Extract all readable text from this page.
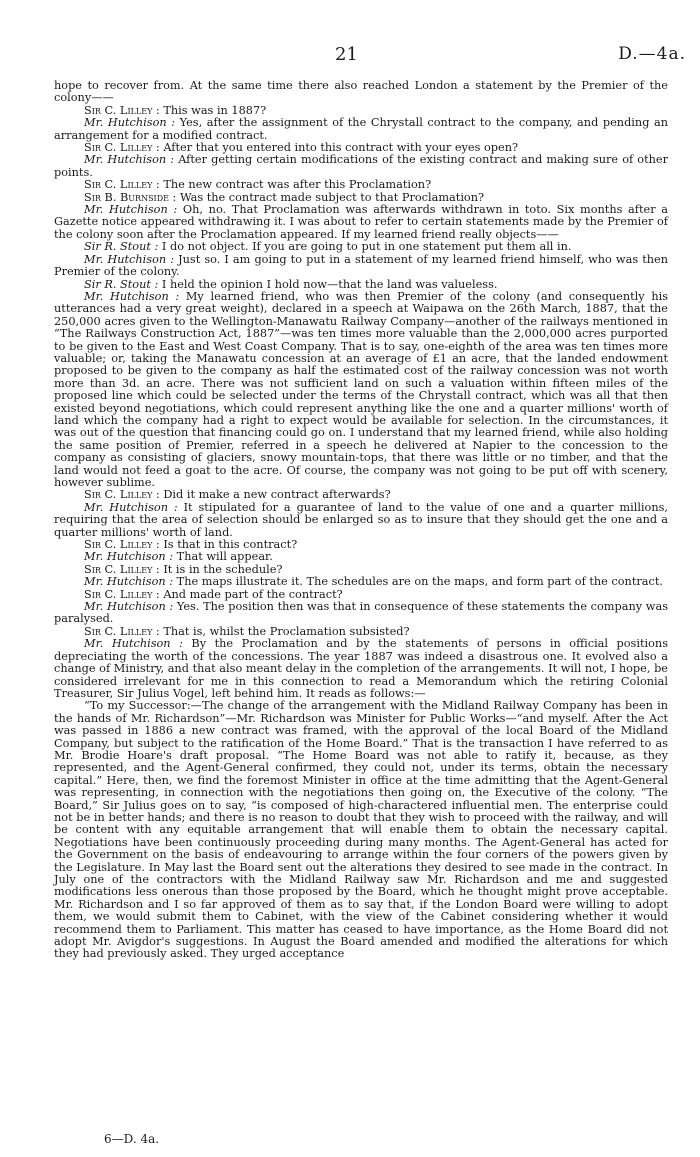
21	D.—4a.

hope to recover from. At the same time there also reached London a statement by the Premier of the colony——

Sir C. Lilley : This was in 1887?

Mr. Hutchison : Yes, after the assignment of the Chrystall contract to the company, and pending an arrangement for a modified contract.

Sir C. Lilley : After that you entered into this contract with your eyes open?

Mr. Hutchison : After getting certain modifications of the existing contract and making sure of other points.

Sir C. Lilley : The new contract was after this Proclamation?

Sir B. Burnside : Was the contract made subject to that Proclamation?

Mr. Hutchison : Oh, no. That Proclamation was afterwards withdrawn in toto. Six months after a Gazette notice appeared withdrawing it. I was about to refer to certain statements made by the Premier of the colony soon after the Proclamation appeared. If my learned friend really objects——

Sir R. Stout : I do not object. If you are going to put in one statement put them all in.

Mr. Hutchison : Just so. I am going to put in a statement of my learned friend himself, who was then Premier of the colony.

Sir R. Stout : I held the opinion I hold now—that the land was valueless.

Mr. Hutchison : My learned friend, who was then Premier of the colony (and consequently his utterances had a very great weight), declared in a speech at Waipawa on the 26th March, 1887, that the 250,000 acres given to the Wellington-Manawatu Railway Company—another of the railways mentioned in “The Railways Construction Act, 1887”—was ten times more valuable than the 2,000,000 acres purported to be given to the East and West Coast Company. That is to say, one-eighth of the area was ten times more valuable; or, taking the Manawatu concession at an average of £1 an acre, that the landed endowment proposed to be given to the company as half the estimated cost of the railway concession was not worth more than 3d. an acre. There was not sufficient land on such a valuation within fifteen miles of the proposed line which could be selected under the terms of the Chrystall contract, which was all that then existed beyond negotiations, which could represent anything like the one and a quarter millions' worth of land which the company had a right to expect would be available for selection. In the circumstances, it was out of the question that financing could go on. I understand that my learned friend, while also holding the same position of Premier, referred in a speech he delivered at Napier to the concession to the company as consisting of glaciers, snowy mountain-tops, that there was little or no timber, and that the land would not feed a goat to the acre. Of course, the company was not going to be put off with scenery, however sublime.

Sir C. Lilley : Did it make a new contract afterwards?

Mr. Hutchison : It stipulated for a guarantee of land to the value of one and a quarter millions, requiring that the area of selection should be enlarged so as to insure that they should get the one and a quarter millions' worth of land.

Sir C. Lilley : Is that in this contract?

Mr. Hutchison : That will appear.

Sir C. Lilley : It is in the schedule?

Mr. Hutchison : The maps illustrate it. The schedules are on the maps, and form part of the contract.

Sir C. Lilley : And made part of the contract?

Mr. Hutchison : Yes. The position then was that in consequence of these statements the company was paralysed.

Sir C. Lilley : That is, whilst the Proclamation subsisted?

Mr. Hutchison : By the Proclamation and by the statements of persons in official positions depreciating the worth of the concessions. The year 1887 was indeed a disastrous one. It evolved also a change of Ministry, and that also meant delay in the completion of the arrangements. It will not, I hope, be considered irrelevant for me in this connection to read a Memorandum which the retiring Colonial Treasurer, Sir Julius Vogel, left behind him. It reads as follows:—

“To my Successor:—The change of the arrangement with the Midland Railway Company has been in the hands of Mr. Richardson”—Mr. Richardson was Minister for Public Works—“and myself. After the Act was passed in 1886 a new contract was framed, with the approval of the local Board of the Midland Company, but subject to the ratification of the Home Board.” That is the transaction I have referred to as Mr. Brodie Hoare's draft proposal. “The Home Board was not able to ratify it, because, as they represented, and the Agent-General confirmed, they could not, under its terms, obtain the necessary capital.” Here, then, we find the foremost Minister in office at the time admitting that the Agent-General was representing, in connection with the negotiations then going on, the Executive of the colony. “The Board,” Sir Julius goes on to say, “is composed of high-charactered influential men. The enterprise could not be in better hands; and there is no reason to doubt that they wish to proceed with the railway, and will be content with any equitable arrangement that will enable them to obtain the necessary capital. Negotiations have been continuously proceeding during many months. The Agent-General has acted for the Government on the basis of endeavouring to arrange within the four corners of the powers given by the Legislature. In May last the Board sent out the alterations they desired to see made in the contract. In July one of the contractors with the Midland Railway saw Mr. Richardson and me and suggested modifications less onerous than those proposed by the Board, which he thought might prove acceptable. Mr. Richardson and I so far approved of them as to say that, if the London Board were willing to adopt them, we would submit them to Cabinet, with the view of the Cabinet considering whether it would recommend them to Parliament. This matter has ceased to have importance, as the Home Board did not adopt Mr. Avigdor's suggestions. In August the Board amended and modified the alterations for which they had previously asked. They urged acceptance

6—D. 4a.
